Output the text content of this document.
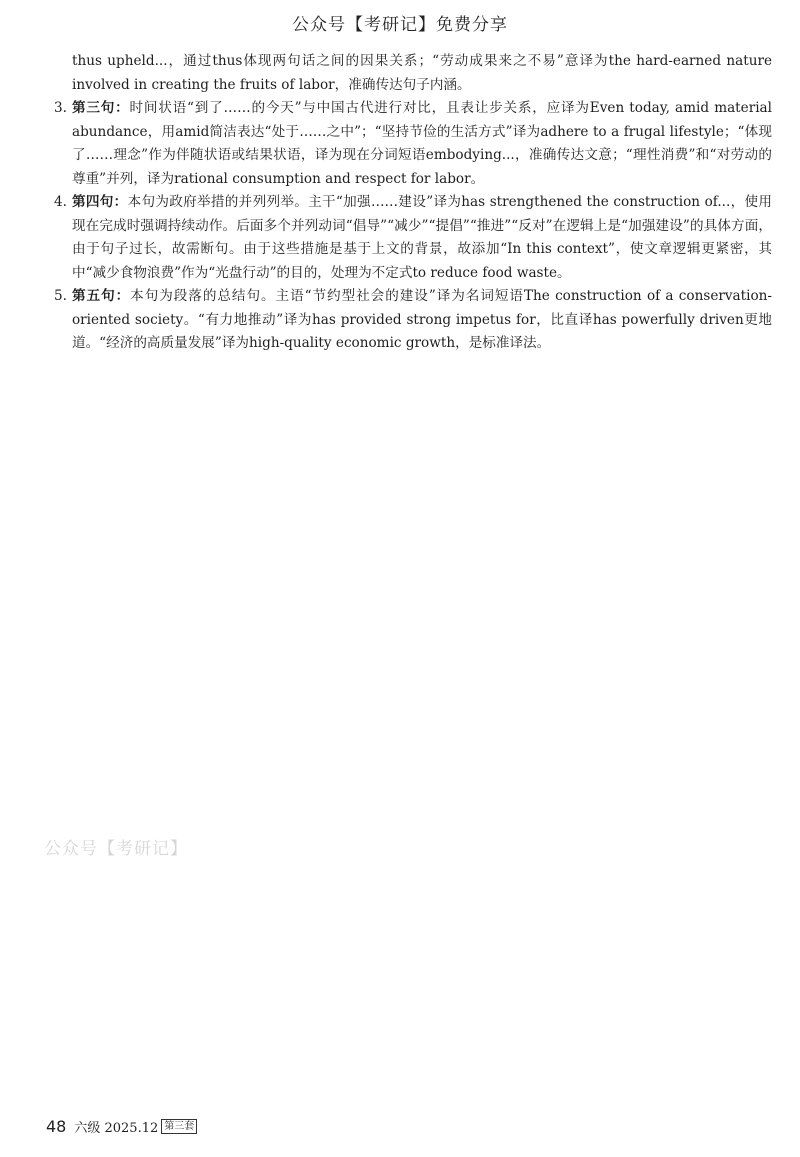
公众号【考研记】免费分享

thus upheld...，通过thus体现两句话之间的因果关系；“劳动成果来之不易”意译为the hard-earned nature involved in creating the fruits of labor，准确传达句子内涵。

3. 第三句：时间状语“到了……的今天”与中国古代进行对比，且表让步关系，应译为Even today, amid material abundance，用amid简洁表达“处于……之中”；“坚持节俭的生活方式”译为adhere to a frugal lifestyle；“体现了……理念”作为伴随状语或结果状语，译为现在分词短语embodying...，准确传达文意；“理性消费”和“对劳动的尊重”并列，译为rational consumption and respect for labor。
4. 第四句：本句为政府举措的并列列举。主干“加强……建设”译为has strengthened the construction of...，使用现在完成时强调持续动作。后面多个并列动词“倡导”“减少”“提倡”“推进”“反对”在逻辑上是“加强建设”的具体方面，由于句子过长，故需断句。由于这些措施是基于上文的背景，故添加“In this context”，使文章逻辑更紧密，其中“减少食物浪费”作为“光盘行动”的目的，处理为不定式to reduce food waste。
5. 第五句：本句为段落的总结句。主语“节约型社会的建设”译为名词短语The construction of a conservation-oriented society。“有力地推动”译为has provided strong impetus for，比直译has powerfully driven更地道。“经济的高质量发展”译为high-quality economic growth，是标准译法。
公众号【考研记】
48 六级 2025.12 第三套
